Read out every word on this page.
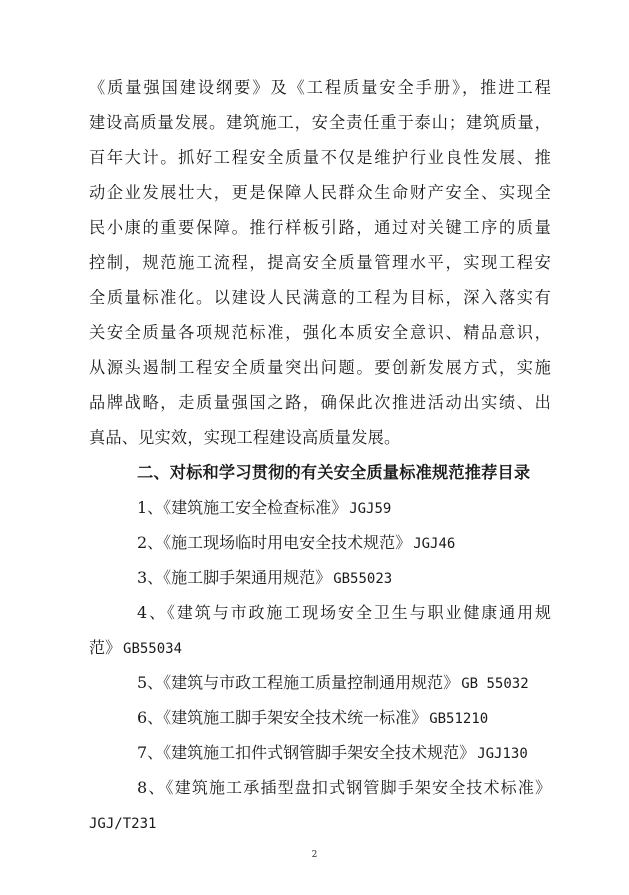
《质量强国建设纲要》及《工程质量安全手册》，推进工程
建设高质量发展。建筑施工，安全责任重于泰山；建筑质量，
百年大计。抓好工程安全质量不仅是维护行业良性发展、推
动企业发展壮大，更是保障人民群众生命财产安全、实现全
民小康的重要保障。推行样板引路，通过对关键工序的质量
控制，规范施工流程，提高安全质量管理水平，实现工程安
全质量标准化。以建设人民满意的工程为目标，深入落实有
关安全质量各项规范标准，强化本质安全意识、精品意识，
从源头遏制工程安全质量突出问题。要创新发展方式，实施
品牌战略，走质量强国之路，确保此次推进活动出实绩、出
真品、见实效，实现工程建设高质量发展。
二、对标和学习贯彻的有关安全质量标准规范推荐目录
1、《建筑施工安全检查标准》 JGJ59
2、《施工现场临时用电安全技术规范》 JGJ46
3、《施工脚手架通用规范》 GB55023
4、《建筑与市政施工现场安全卫生与职业健康通用规
范》 GB55034
5、《建筑与市政工程施工质量控制通用规范》 GB 55032
6、《建筑施工脚手架安全技术统一标准》 GB51210
7、《建筑施工扣件式钢管脚手架安全技术规范》 JGJ130
8、《建筑施工承插型盘扣式钢管脚手架安全技术标准》
JGJ/T231
2
